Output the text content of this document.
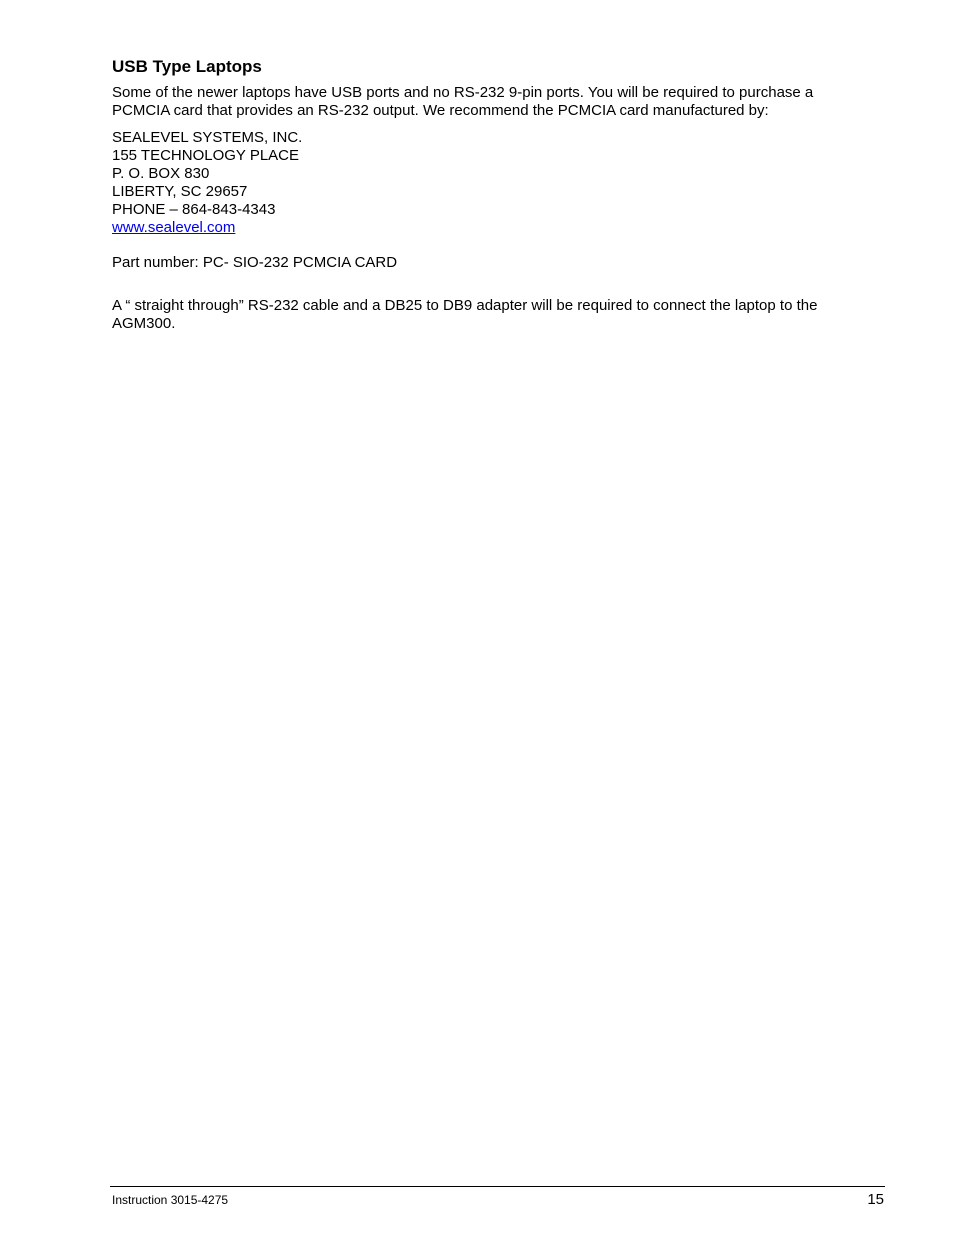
USB Type Laptops

Some of the newer laptops have USB ports and no RS-232 9-pin ports. You will be required to purchase a PCMCIA card that provides an RS-232 output. We recommend the PCMCIA card manufactured by:

SEALEVEL SYSTEMS, INC.
155 TECHNOLOGY PLACE
P. O. BOX 830
LIBERTY, SC 29657
PHONE – 864-843-4343
www.sealevel.com

Part number: PC- SIO-232 PCMCIA CARD

A “ straight through” RS-232 cable and a DB25 to DB9 adapter will be required to connect the laptop to the AGM300.

Instruction 3015-4275	15
